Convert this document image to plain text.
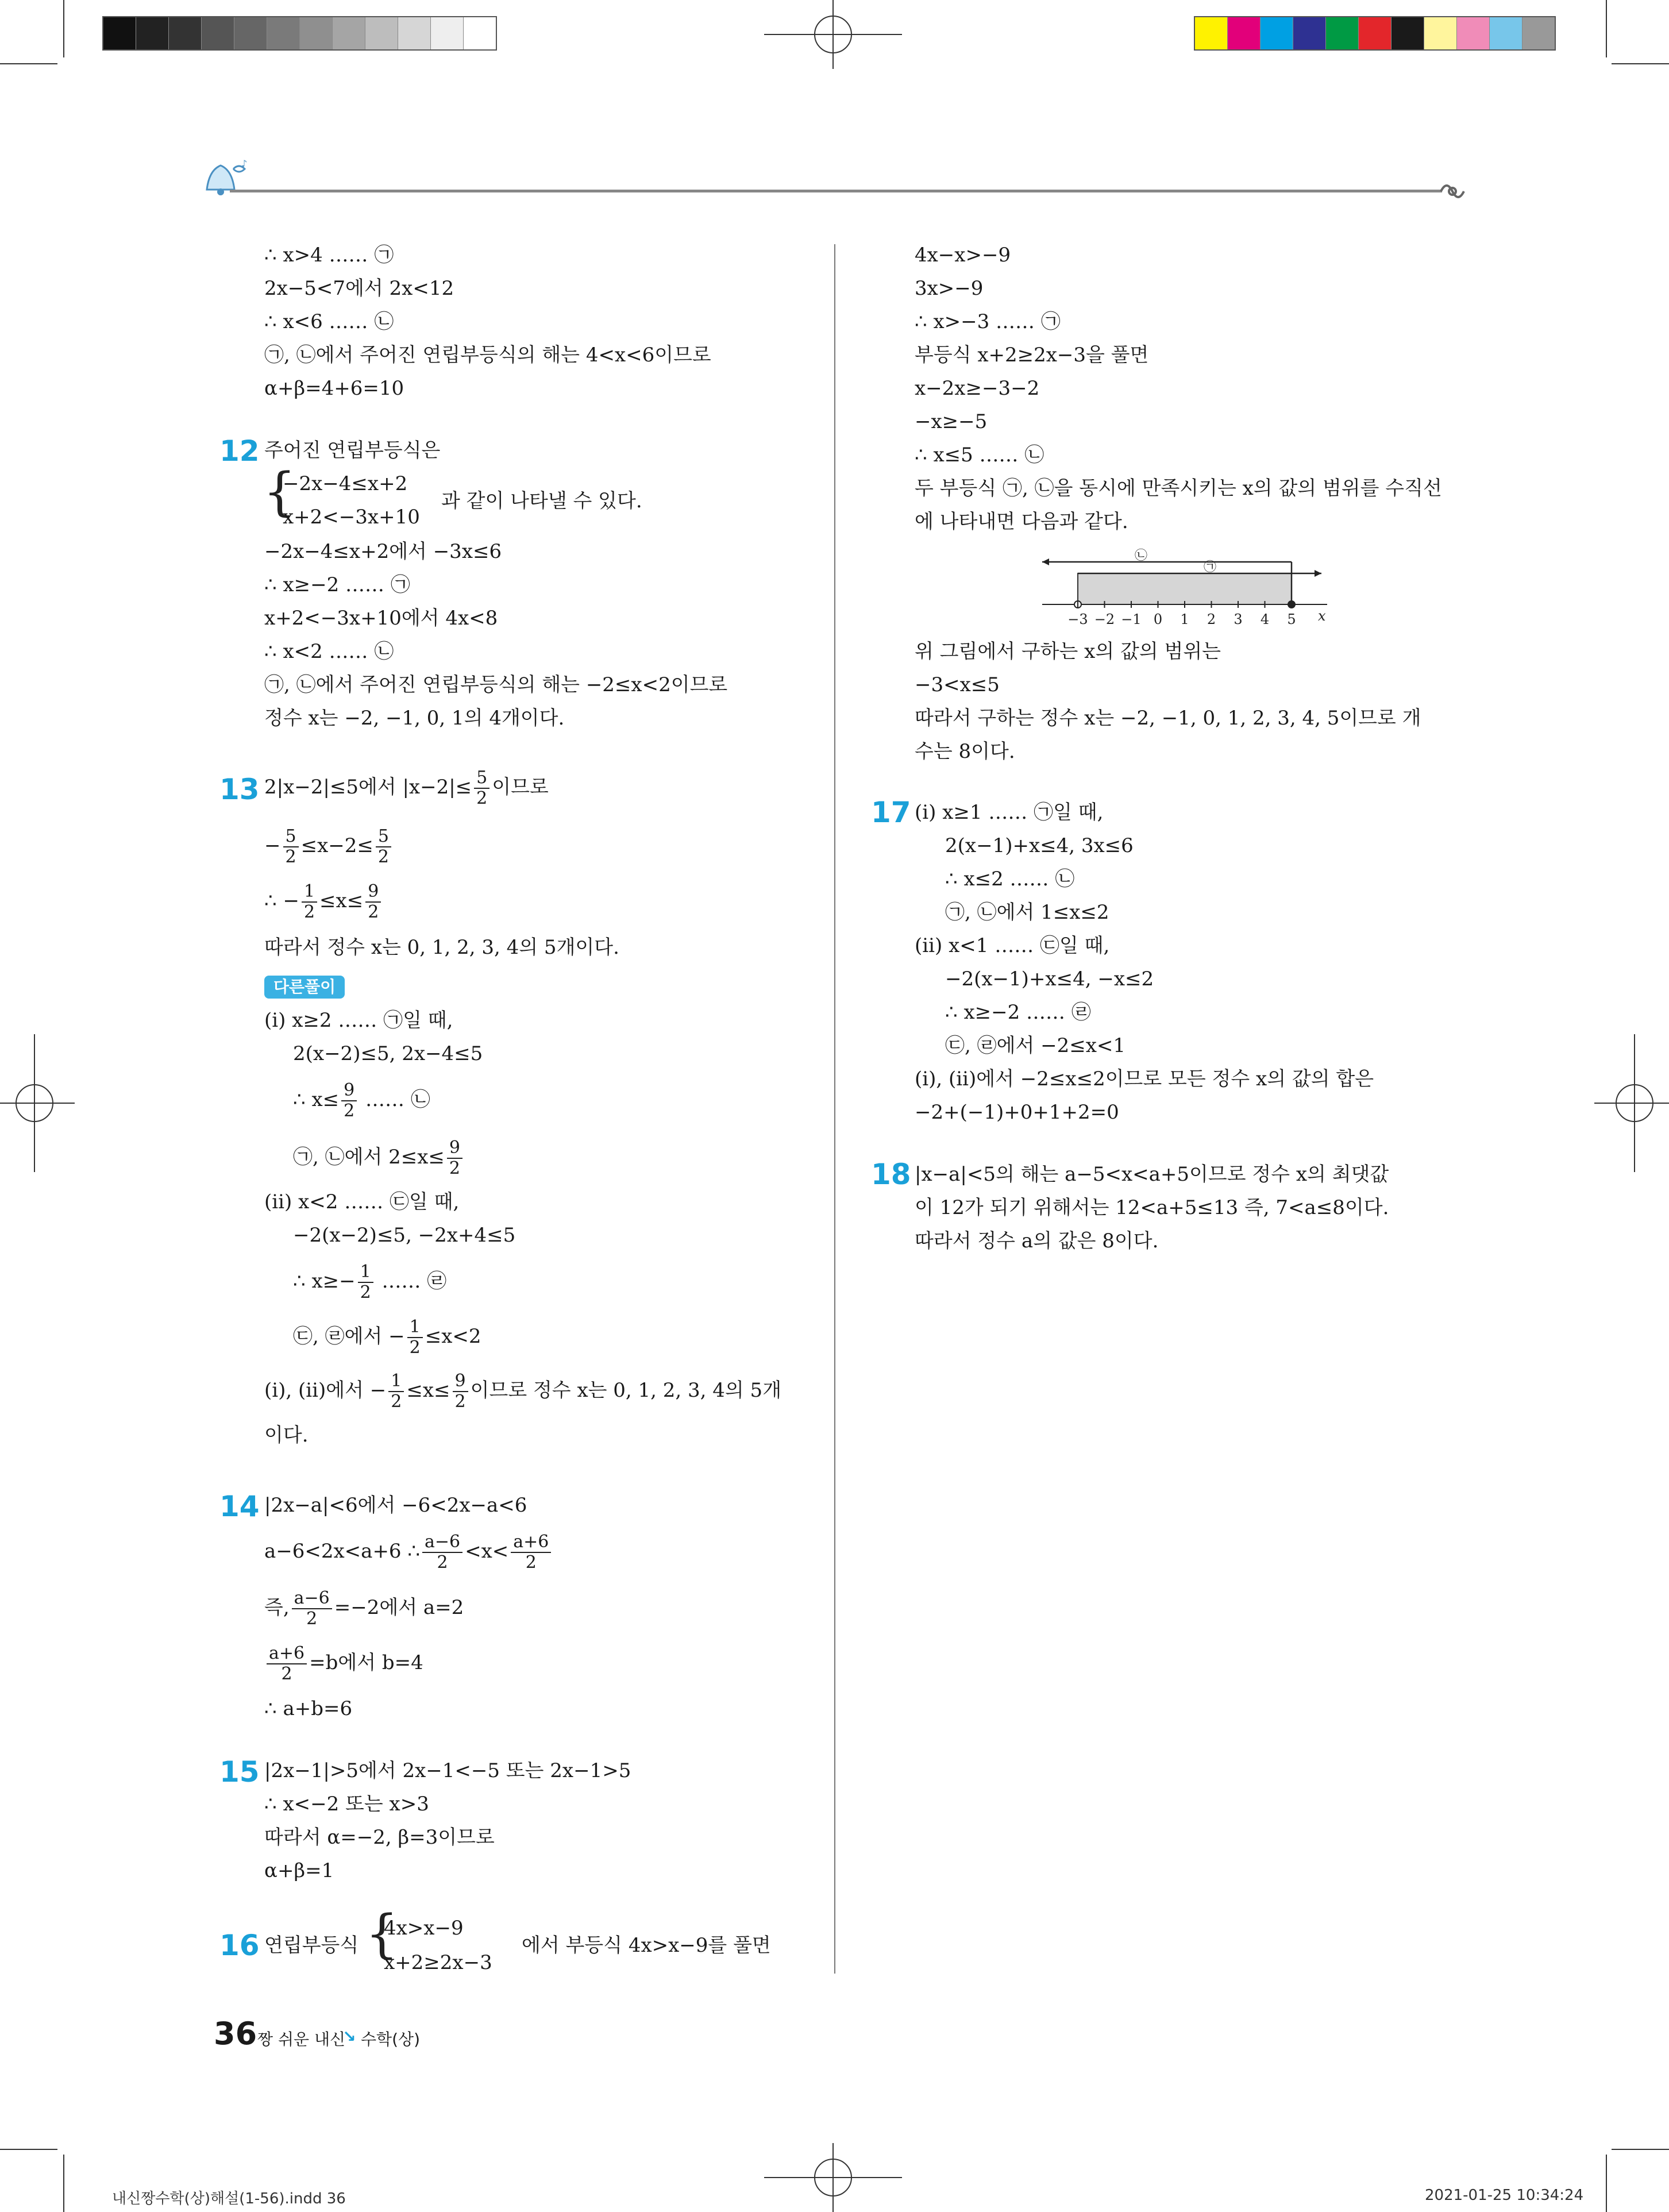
♪
∴ x>4 …… ㉠
2x−5<7에서 2x<12
∴ x<6 …… ㉡
㉠, ㉡에서 주어진 연립부등식의 해는 4<x<6이므로
α+β=4+6=10
12 주어진 연립부등식은
{
−2x−4≤x+2
x+2<−3x+10
과 같이 나타낼 수 있다.
−2x−4≤x+2에서 −3x≤6
∴ x≥−2 …… ㉠
x+2<−3x+10에서 4x<8
∴ x<2 …… ㉡
㉠, ㉡에서 주어진 연립부등식의 해는 −2≤x<2이므로
정수 x는 −2, −1, 0, 1의 4개이다.
13 2|x−2|≤5에서 $|x-2|\le \frac{5}{2}$ 이므로
− $\frac{5}{2} \le x-2\le \frac{5}{2}$
∴ − $\frac{1}{2} \le x\le \frac{9}{2}$
따라서 정수 x는 0, 1, 2, 3, 4의 5개이다.
다른풀이
(i) x≥2 …… ㉠일 때,
2(x−2)≤5, 2x−4≤5
∴ $x\le \frac{9}{2}$ …… ㉡
㉠, ㉡에서 $2\le x\le \frac{9}{2}$
(ii) x<2 …… ㉢일 때,
−2(x−2)≤5, −2x+4≤5
∴ $x\ge- \frac{1}{2}$ …… ㉣
㉢, ㉣에서 − $\frac{1}{2} \le x<2$
(i), (ii)에서 − $\frac{1}{2} \le x\le \frac{9}{2}$ 이므로 정수 x는 0, 1, 2, 3, 4의 5개
이다.
14 |2x−a|<6에서 −6<2x−a<6
a−6<2x<a+6 ∴ $\frac{a-6}{2} <x< \frac{a+6}{2}$
즉, $\frac{a-6}{2} =-2$에서 a=2
$\frac{a+6}{2} =b$에서 b=4
∴ a+b=6
15 |2x−1|>5에서 2x−1<−5 또는 2x−1>5
∴ x<−2 또는 x>3
따라서 α=−2, β=3이므로
α+β=1
16 연립부등식 {
4x>x−9
x+2≥2x−3
에서 부등식 4x>x−9를 풀면
4x−x>−9
3x>−9
∴ x>−3 …… ㉠
부등식 x+2≥2x−3을 풀면
x−2x≥−3−2
−x≥−5
∴ x≤5 …… ㉡
두 부등식 ㉠, ㉡을 동시에 만족시키는 x의 값의 범위를 수직선
에 나타내면 다음과 같다.
㉡
㉠
−3 −2 −1 0 1 2 3 4 5 x
위 그림에서 구하는 x의 값의 범위는
−3<x≤5
따라서 구하는 정수 x는 −2, −1, 0, 1, 2, 3, 4, 5이므로 개
수는 8이다.
17 (i) x≥1 …… ㉠일 때,
2(x−1)+x≤4, 3x≤6
∴ x≤2 …… ㉡
㉠, ㉡에서 1≤x≤2
(ii) x<1 …… ㉢일 때,
−2(x−1)+x≤4, −x≤2
∴ x≥−2 …… ㉣
㉢, ㉣에서 −2≤x<1
(i), (ii)에서 −2≤x≤2이므로 모든 정수 x의 값의 합은
−2+(−1)+0+1+2=0
18 |x−a|<5의 해는 a−5<x<a+5이므로 정수 x의 최댓값
이 12가 되기 위해서는 12<a+5≤13 즉, 7<a≤8이다.
따라서 정수 a의 값은 8이다.
36 짱 쉬운 내신
↘ 수학(상)
내신짱수학(상)해설(1-56).indd 36	2021-01-25 10:34:24
